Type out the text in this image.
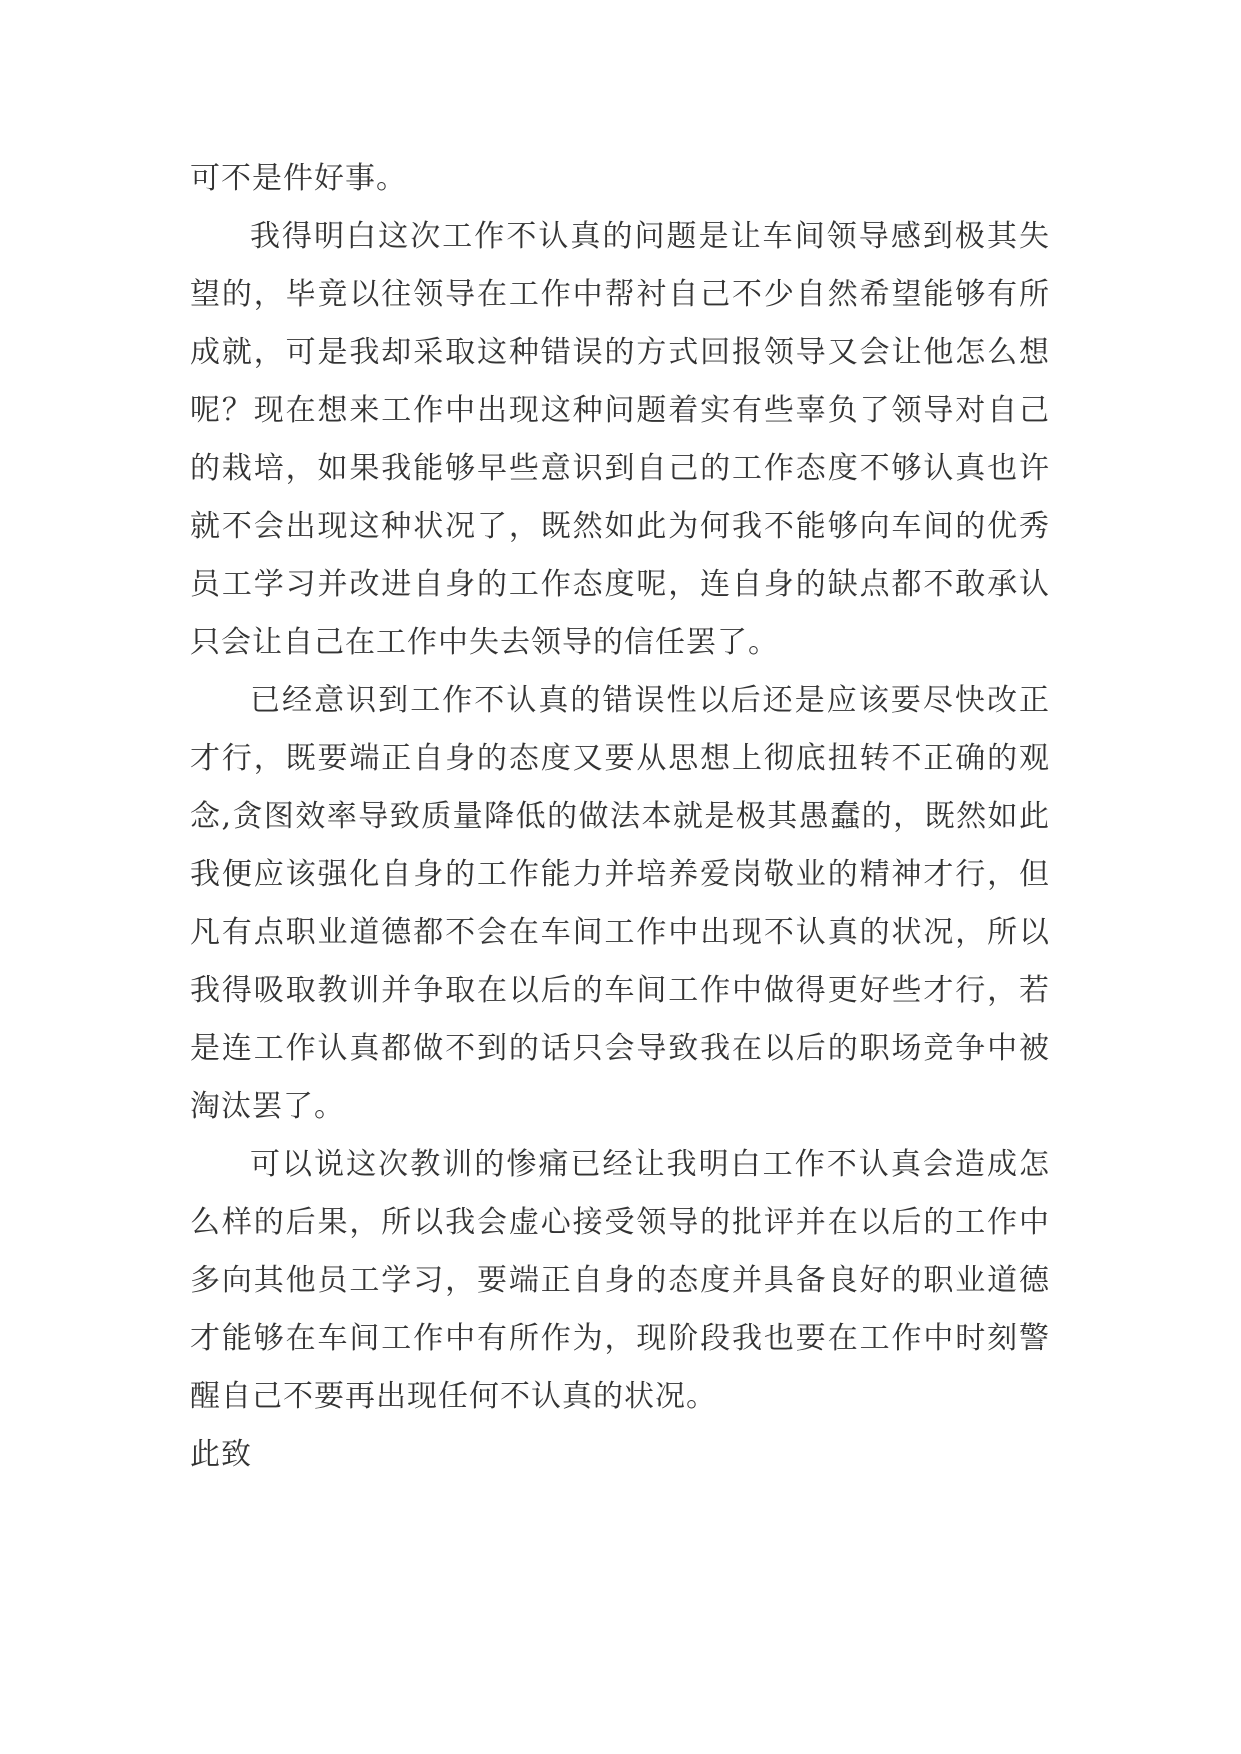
可不是件好事。

我得明白这次工作不认真的问题是让车间领导感到极其失望的，毕竟以往领导在工作中帮衬自己不少自然希望能够有所成就，可是我却采取这种错误的方式回报领导又会让他怎么想呢？现在想来工作中出现这种问题着实有些辜负了领导对自己的栽培，如果我能够早些意识到自己的工作态度不够认真也许就不会出现这种状况了，既然如此为何我不能够向车间的优秀员工学习并改进自身的工作态度呢，连自身的缺点都不敢承认只会让自己在工作中失去领导的信任罢了。

已经意识到工作不认真的错误性以后还是应该要尽快改正才行，既要端正自身的态度又要从思想上彻底扭转不正确的观念,贪图效率导致质量降低的做法本就是极其愚蠢的，既然如此我便应该强化自身的工作能力并培养爱岗敬业的精神才行，但凡有点职业道德都不会在车间工作中出现不认真的状况，所以我得吸取教训并争取在以后的车间工作中做得更好些才行，若是连工作认真都做不到的话只会导致我在以后的职场竞争中被淘汰罢了。

可以说这次教训的惨痛已经让我明白工作不认真会造成怎么样的后果，所以我会虚心接受领导的批评并在以后的工作中多向其他员工学习，要端正自身的态度并具备良好的职业道德才能够在车间工作中有所作为，现阶段我也要在工作中时刻警醒自己不要再出现任何不认真的状况。

此致
